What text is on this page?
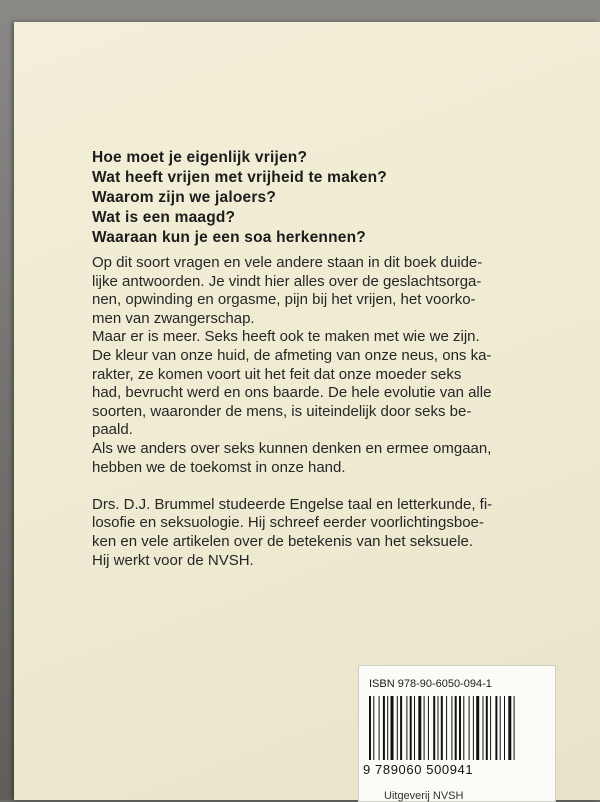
Hoe moet je eigenlijk vrijen?
Wat heeft vrijen met vrijheid te maken?
Waarom zijn we jaloers?
Wat is een maagd?
Waaraan kun je een soa herkennen?
Op dit soort vragen en vele andere staan in dit boek duide-
lijke antwoorden. Je vindt hier alles over de geslachtsorga-
nen, opwinding en orgasme, pijn bij het vrijen, het voorko-
men van zwangerschap.
Maar er is meer. Seks heeft ook te maken met wie we zijn.
De kleur van onze huid, de afmeting van onze neus, ons ka-
rakter, ze komen voort uit het feit dat onze moeder seks
had, bevrucht werd en ons baarde. De hele evolutie van alle
soorten, waaronder de mens, is uiteindelijk door seks be-
paald.
Als we anders over seks kunnen denken en ermee omgaan,
hebben we de toekomst in onze hand.
Drs. D.J. Brummel studeerde Engelse taal en letterkunde, fi-
losofie en seksuologie. Hij schreef eerder voorlichtingsboe-
ken en vele artikelen over de betekenis van het seksuele.
Hij werkt voor de NVSH.
ISBN 978-90-6050-094-1
9 789060 500941
Uitgeverij NVSH
